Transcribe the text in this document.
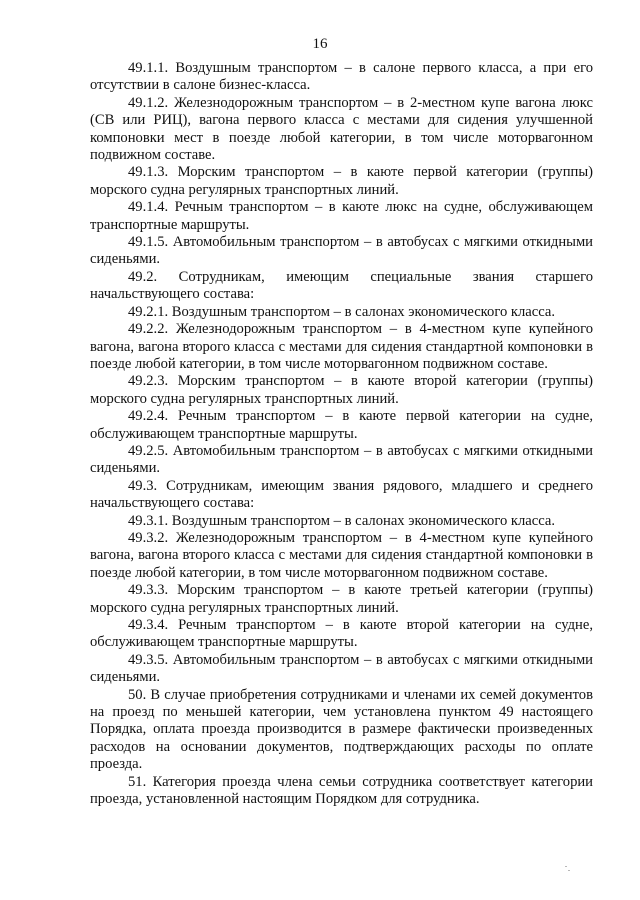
16

49.1.1. Воздушным транспортом – в салоне первого класса, а при его отсутствии в салоне бизнес-класса.

49.1.2. Железнодорожным транспортом – в 2-местном купе вагона люкс (СВ или РИЦ), вагона первого класса с местами для сидения улучшенной компоновки мест в поезде любой категории, в том числе моторвагонном подвижном составе.

49.1.3. Морским транспортом – в каюте первой категории (группы) морского судна регулярных транспортных линий.

49.1.4. Речным транспортом – в каюте люкс на судне, обслуживающем транспортные маршруты.

49.1.5. Автомобильным транспортом – в автобусах с мягкими откидными сиденьями.

49.2. Сотрудникам, имеющим специальные звания старшего начальствующего состава:

49.2.1. Воздушным транспортом – в салонах экономического класса.

49.2.2. Железнодорожным транспортом – в 4-местном купе купейного вагона, вагона второго класса с местами для сидения стандартной компоновки в поезде любой категории, в том числе моторвагонном подвижном составе.

49.2.3. Морским транспортом – в каюте второй категории (группы) морского судна регулярных транспортных линий.

49.2.4. Речным транспортом – в каюте первой категории на судне, обслуживающем транспортные маршруты.

49.2.5. Автомобильным транспортом – в автобусах с мягкими откидными сиденьями.

49.3. Сотрудникам, имеющим звания рядового, младшего и среднего начальствующего состава:

49.3.1. Воздушным транспортом – в салонах экономического класса.

49.3.2. Железнодорожным транспортом – в 4-местном купе купейного вагона, вагона второго класса с местами для сидения стандартной компоновки в поезде любой категории, в том числе моторвагонном подвижном составе.

49.3.3. Морским транспортом – в каюте третьей категории (группы) морского судна регулярных транспортных линий.

49.3.4. Речным транспортом – в каюте второй категории на судне, обслуживающем транспортные маршруты.

49.3.5. Автомобильным транспортом – в автобусах с мягкими откидными сиденьями.

50. В случае приобретения сотрудниками и членами их семей документов на проезд по меньшей категории, чем установлена пунктом 49 настоящего Порядка, оплата проезда производится в размере фактически произведенных расходов на основании документов, подтверждающих расходы по оплате проезда.

51. Категория проезда члена семьи сотрудника соответствует категории проезда, установленной настоящим Порядком для сотрудника.
